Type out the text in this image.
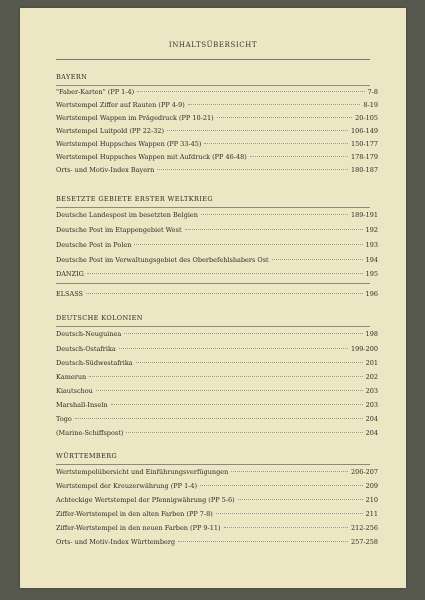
INHALTSÜBERSICHT
BAYERN
"Faber-Karten" (PP 1-4)	7-8
Wertstempel Ziffer auf Rauten (PP 4-9)	8-19
Wertstempel Wappen im Prägedruck (PP 10-21)	20-105
Wertstempel Luitpold (PP 22-32)	106-149
Wertstempel Huppsches Wappen (PP 33-45)	150-177
Wertstempel Huppsches Wappen mit Aufdruck (PP 46-48)	178-179
Orts- und Motiv-Index Bayern	180-187
BESETZTE GEBIETE ERSTER WELTKRIEG
Deutsche Landespost im besetzten Belgien	189-191
Deutsche Post im Etappengebiet West	192
Deutsche Post in Polen	193
Deutsche Post im Verwaltungsgebiet des Oberbefehlshabers Ost	194
DANZIG	195
ELSASS	196
DEUTSCHE KOLONIEN
Deutsch-Neuguinea	198
Deutsch-Ostafrika	199-200
Deutsch-Südwestafrika	201
Kamerun	202
Kiautschou	203
Marshall-Inseln	203
Togo	204
(Marine-Schiffspost)	204
WÜRTTEMBERG
Wertstempelübersicht und Einführungsverfügungen	206-207
Wertstempel der Kreuzerwährung (PP 1-4)	209
Achteckige Wertstempel der Pfennigwährung (PP 5-6)	210
Ziffer-Wertstempel in den alten Farben (PP 7-8)	211
Ziffer-Wertstempel in den neuen Farben (PP 9-11)	212-256
Orts- und Motiv-Index Württemberg	257-258
